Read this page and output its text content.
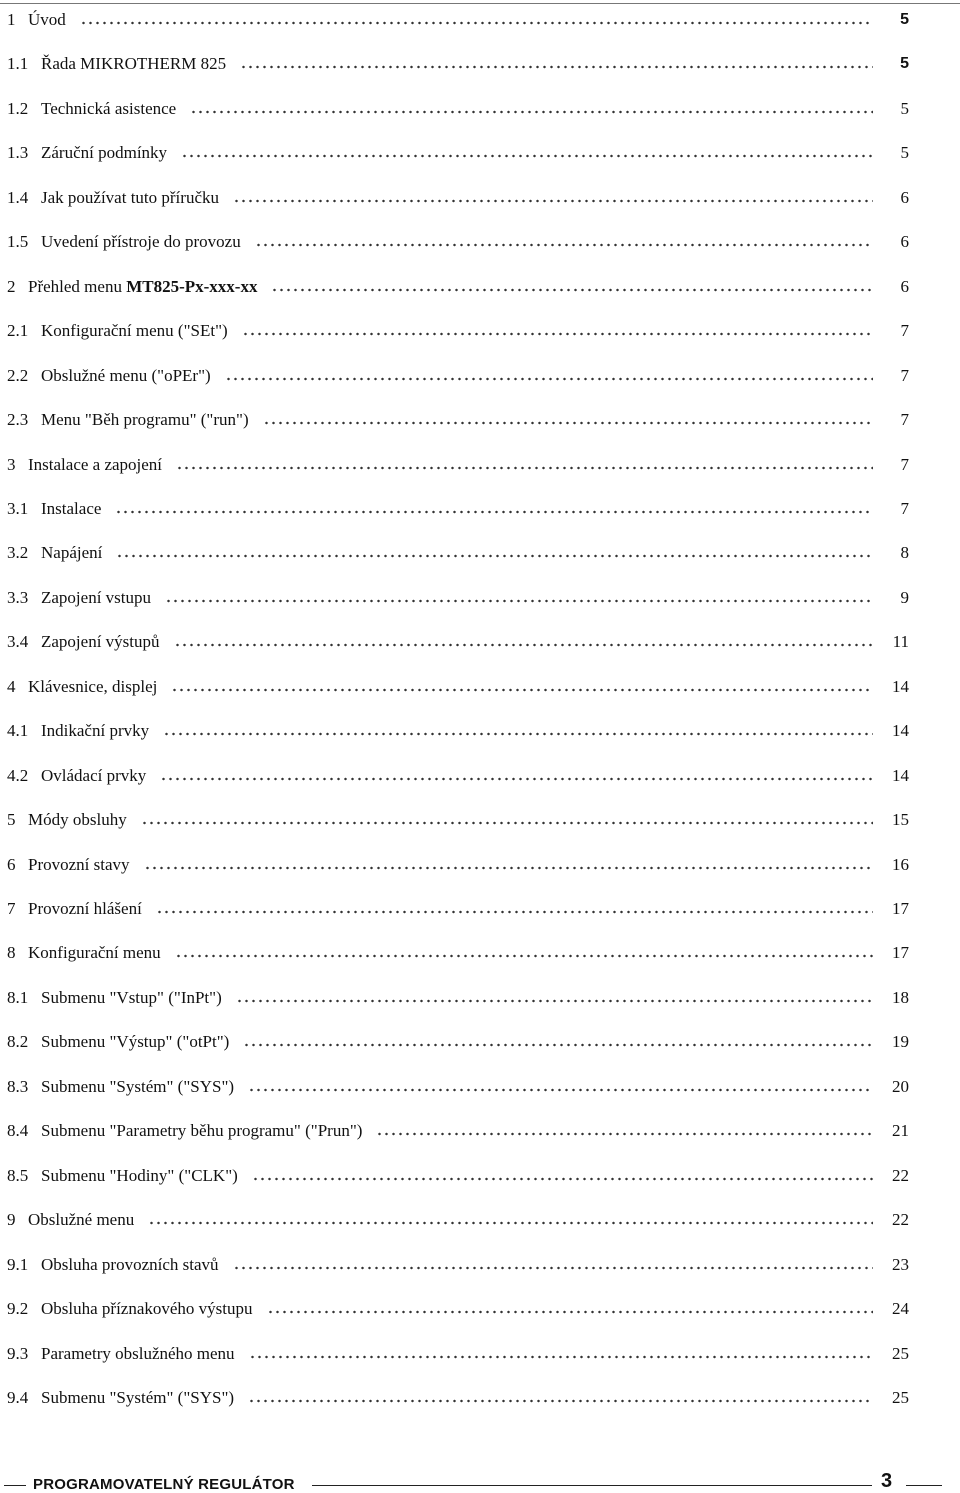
1 Úvod	5
1.1 Řada MIKROTHERM 825	5
1.2 Technická asistence	5
1.3 Záruční podmínky	5
1.4 Jak používat tuto příručku	6
1.5 Uvedení přístroje do provozu	6
2 Přehled menu MT825-Px-xxx-xx	6
2.1 Konfigurační menu ("SEt")	7
2.2 Obslužné menu ("oPEr")	7
2.3 Menu "Běh programu" ("run")	7
3 Instalace a zapojení	7
3.1 Instalace	7
3.2 Napájení	8
3.3 Zapojení vstupu	9
3.4 Zapojení výstupů	11
4 Klávesnice, displej	14
4.1 Indikační prvky	14
4.2 Ovládací prvky	14
5 Módy obsluhy	15
6 Provozní stavy	16
7 Provozní hlášení	17
8 Konfigurační menu	17
8.1 Submenu "Vstup" ("InPt")	18
8.2 Submenu "Výstup" ("otPt")	19
8.3 Submenu "Systém" ("SYS")	20
8.4 Submenu "Parametry běhu programu" ("Prun")	21
8.5 Submenu "Hodiny" ("CLK")	22
9 Obslužné menu	22
9.1 Obsluha provozních stavů	23
9.2 Obsluha příznakového výstupu	24
9.3 Parametry obslužného menu	25
9.4 Submenu "Systém" ("SYS")	25
PROGRAMOVATELNÝ REGULÁTOR	3
